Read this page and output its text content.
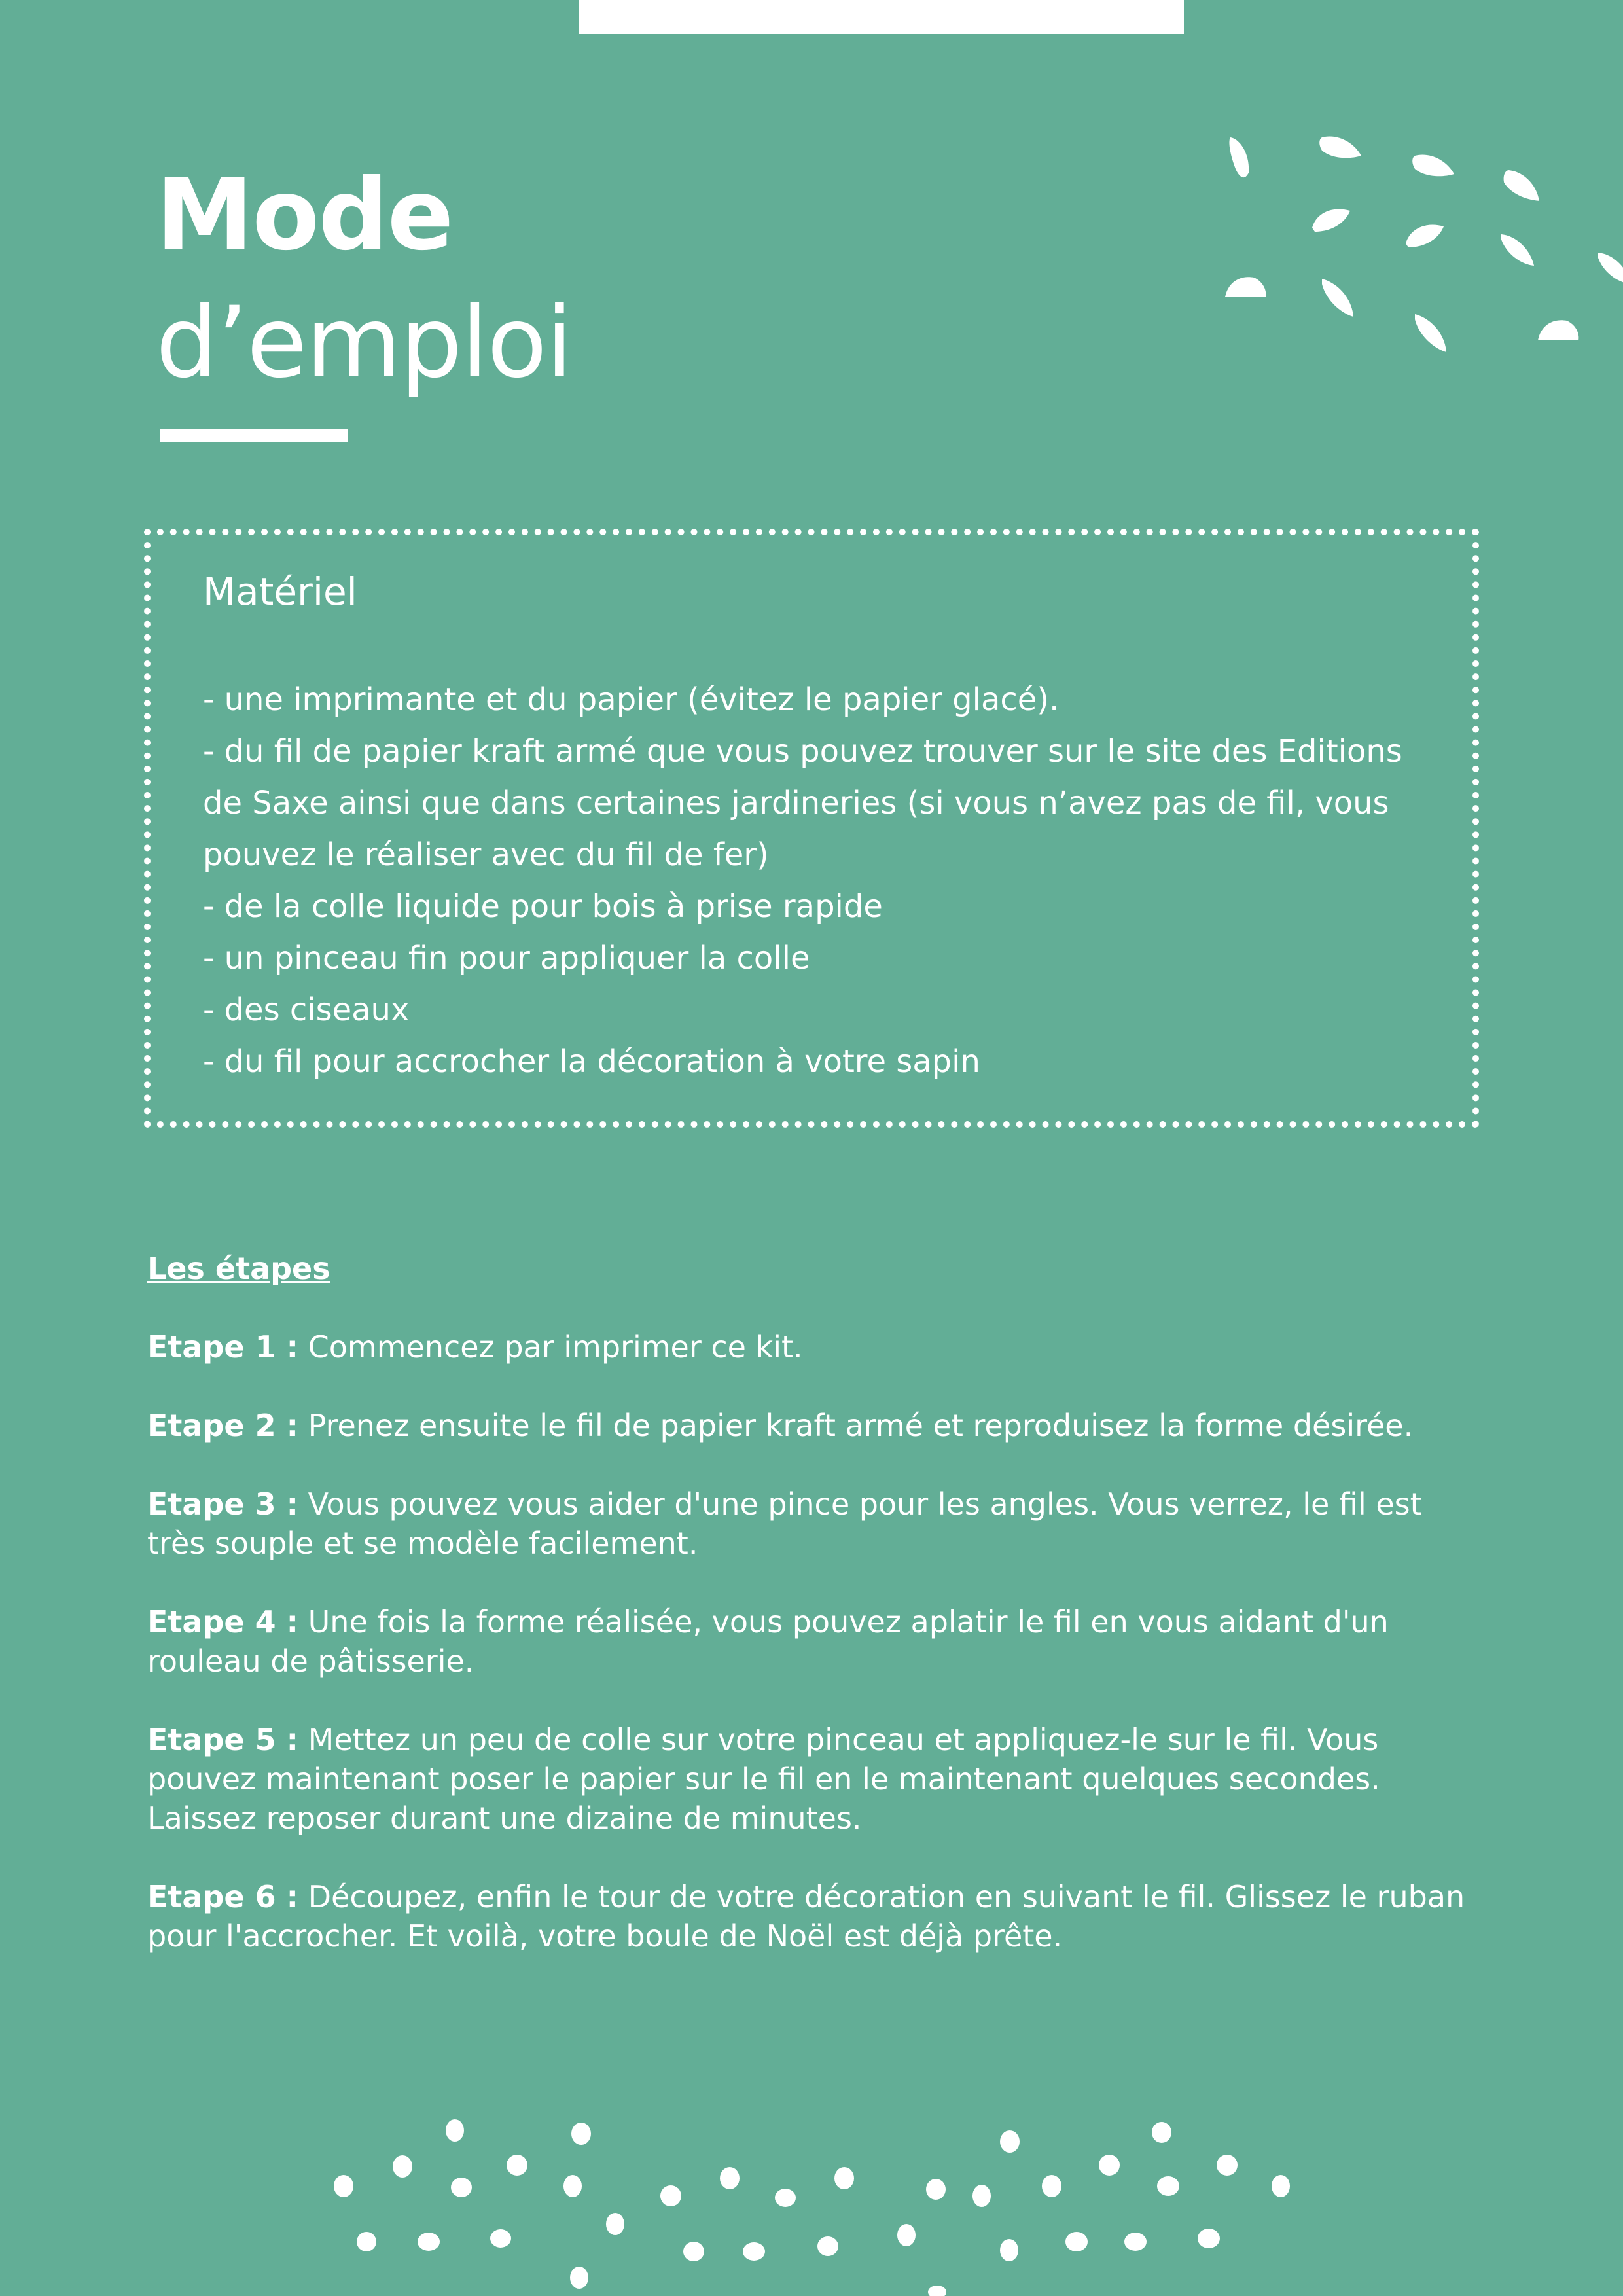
Mode
d’emploi
Matériel
- une imprimante et du papier (évitez le papier glacé).
- du fil de papier kraft armé que vous pouvez trouver sur le site des Editions de Saxe ainsi que dans certaines jardineries (si vous n’avez pas de fil, vous pouvez le réaliser avec du fil de fer)
- de la colle liquide pour bois à prise rapide
- un pinceau fin pour appliquer la colle
- des ciseaux
- du fil pour accrocher la décoration à votre sapin
Les étapes

Etape 1 : Commencez par imprimer ce kit.

Etape 2 : Prenez ensuite le fil de papier kraft armé et reproduisez la forme désirée.

Etape 3 : Vous pouvez vous aider d'une pince pour les angles. Vous verrez, le fil est très souple et se modèle facilement.

Etape 4 : Une fois la forme réalisée, vous pouvez aplatir le fil en vous aidant d'un rouleau de pâtisserie.

Etape 5 : Mettez un peu de colle sur votre pinceau et appliquez-le sur le fil. Vous pouvez maintenant poser le papier sur le fil en le maintenant quelques secondes. Laissez reposer durant une dizaine de minutes.

Etape 6 : Découpez, enfin le tour de votre décoration en suivant le fil. Glissez le ruban pour l'accrocher. Et voilà, votre boule de Noël est déjà prête.
